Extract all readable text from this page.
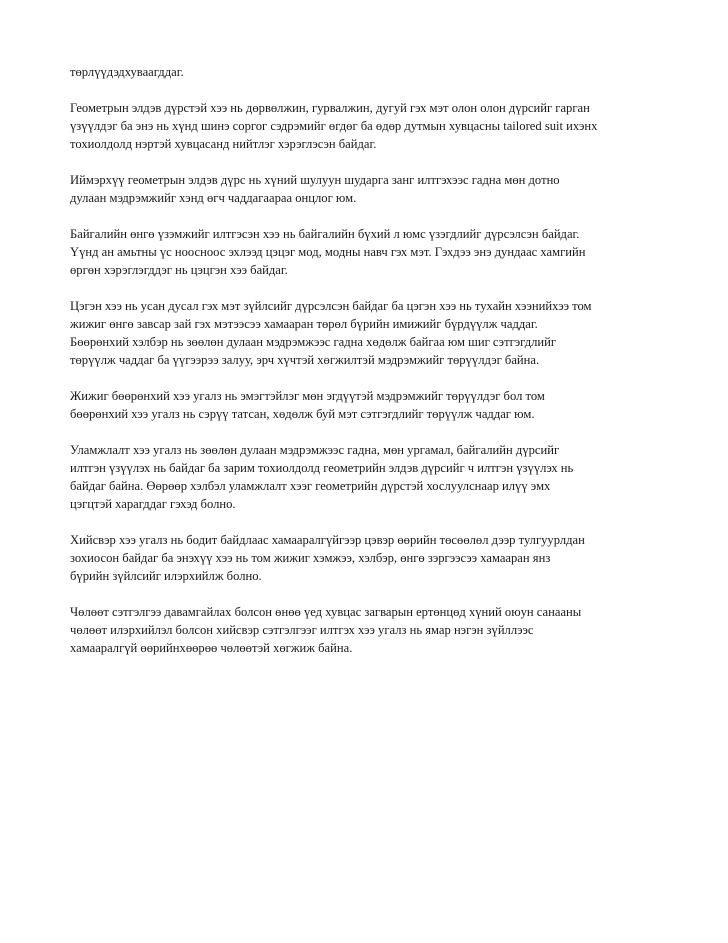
төрлүүдэдхуваагддаг.

Геометрын элдэв дүрстэй хээ нь дөрвөлжин, гурвалжин, дугуй гэх мэт олон олон дүрсийг гарган
үзүүлдэг ба энэ нь хүнд шинэ соргог сэдрэмийг өгдөг ба өдөр дутмын хувцасны tailored suit ихэнх
тохиолдолд нэртэй хувцасанд нийтлэг хэрэглэсэн байдаг.

Иймэрхүү геометрын элдэв дүрс нь хүний шулуун шударга занг илтгэхээс гадна мөн дотно
дулаан мэдрэмжийг хэнд өгч чаддагаараа онцлог юм.

Байгалийн өнгө үзэмжийг илтгэсэн хээ нь байгалийн бүхий л юмс үзэгдлийг дүрсэлсэн байдаг.
Үүнд ан амьтны үс ноосноос эхлээд цэцэг мод, модны навч гэх мэт. Гэхдээ энэ дундаас хамгийн
өргөн хэрэглэгддэг нь цэцгэн хээ байдаг.

Цэгэн хээ нь усан дусал гэх мэт зүйлсийг дүрсэлсэн байдаг ба цэгэн хээ нь тухайн хээнийхээ том
жижиг өнгө завсар зай гэх мэтээсээ хамааран төрөл бүрийн имижийг бүрдүүлж чаддаг.
Бөөрөнхий хэлбэр нь зөөлөн дулаан мэдрэмжээс гадна хөдөлж байгаа юм шиг сэтгэгдлийг
төрүүлж чаддаг ба үүгээрээ залуу, эрч хүчтэй хөгжилтэй мэдрэмжийг төрүүлдэг байна.

Жижиг бөөрөнхий хээ угалз нь эмэгтэйлэг мөн эгдүүтэй мэдрэмжийг төрүүлдэг бол том
бөөрөнхий хээ угалз нь сэрүү татсан, хөдөлж буй мэт сэтгэгдлийг төрүүлж чаддаг юм.

Уламжлалт хээ угалз нь зөөлөн дулаан мэдрэмжээс гадна, мөн ургамал, байгалийн дүрсийг
илтгэн үзүүлэх нь байдаг ба зарим тохиолдолд геометрийн элдэв дүрсийг ч илтгэн үзүүлэх нь
байдаг байна. Өөрөөр хэлбэл уламжлалт хээг геометрийн дүрстэй хослуулснаар илүү эмх
цэгцтэй харагддаг гэхэд болно.

Хийсвэр хээ угалз нь бодит байдлаас хамааралгүйгээр цэвэр өөрийн төсөөлөл дээр тулгуурлдан
зохиосон байдаг ба энэхүү хээ нь том жижиг хэмжээ, хэлбэр, өнгө зэргээсээ хамааран янз
бүрийн зүйлсийг илэрхийлж болно.

Чөлөөт сэтгэлгээ давамгайлах болсон өнөө үед хувцас загварын ертөнцөд хүний оюун санааны
чөлөөт илэрхийлэл болсон хийсвэр сэтгэлгээг илтгэх хээ угалз нь ямар нэгэн зүйллээс
хамааралгүй өөрийнхөөрөө чөлөөтэй хөгжиж байна.
